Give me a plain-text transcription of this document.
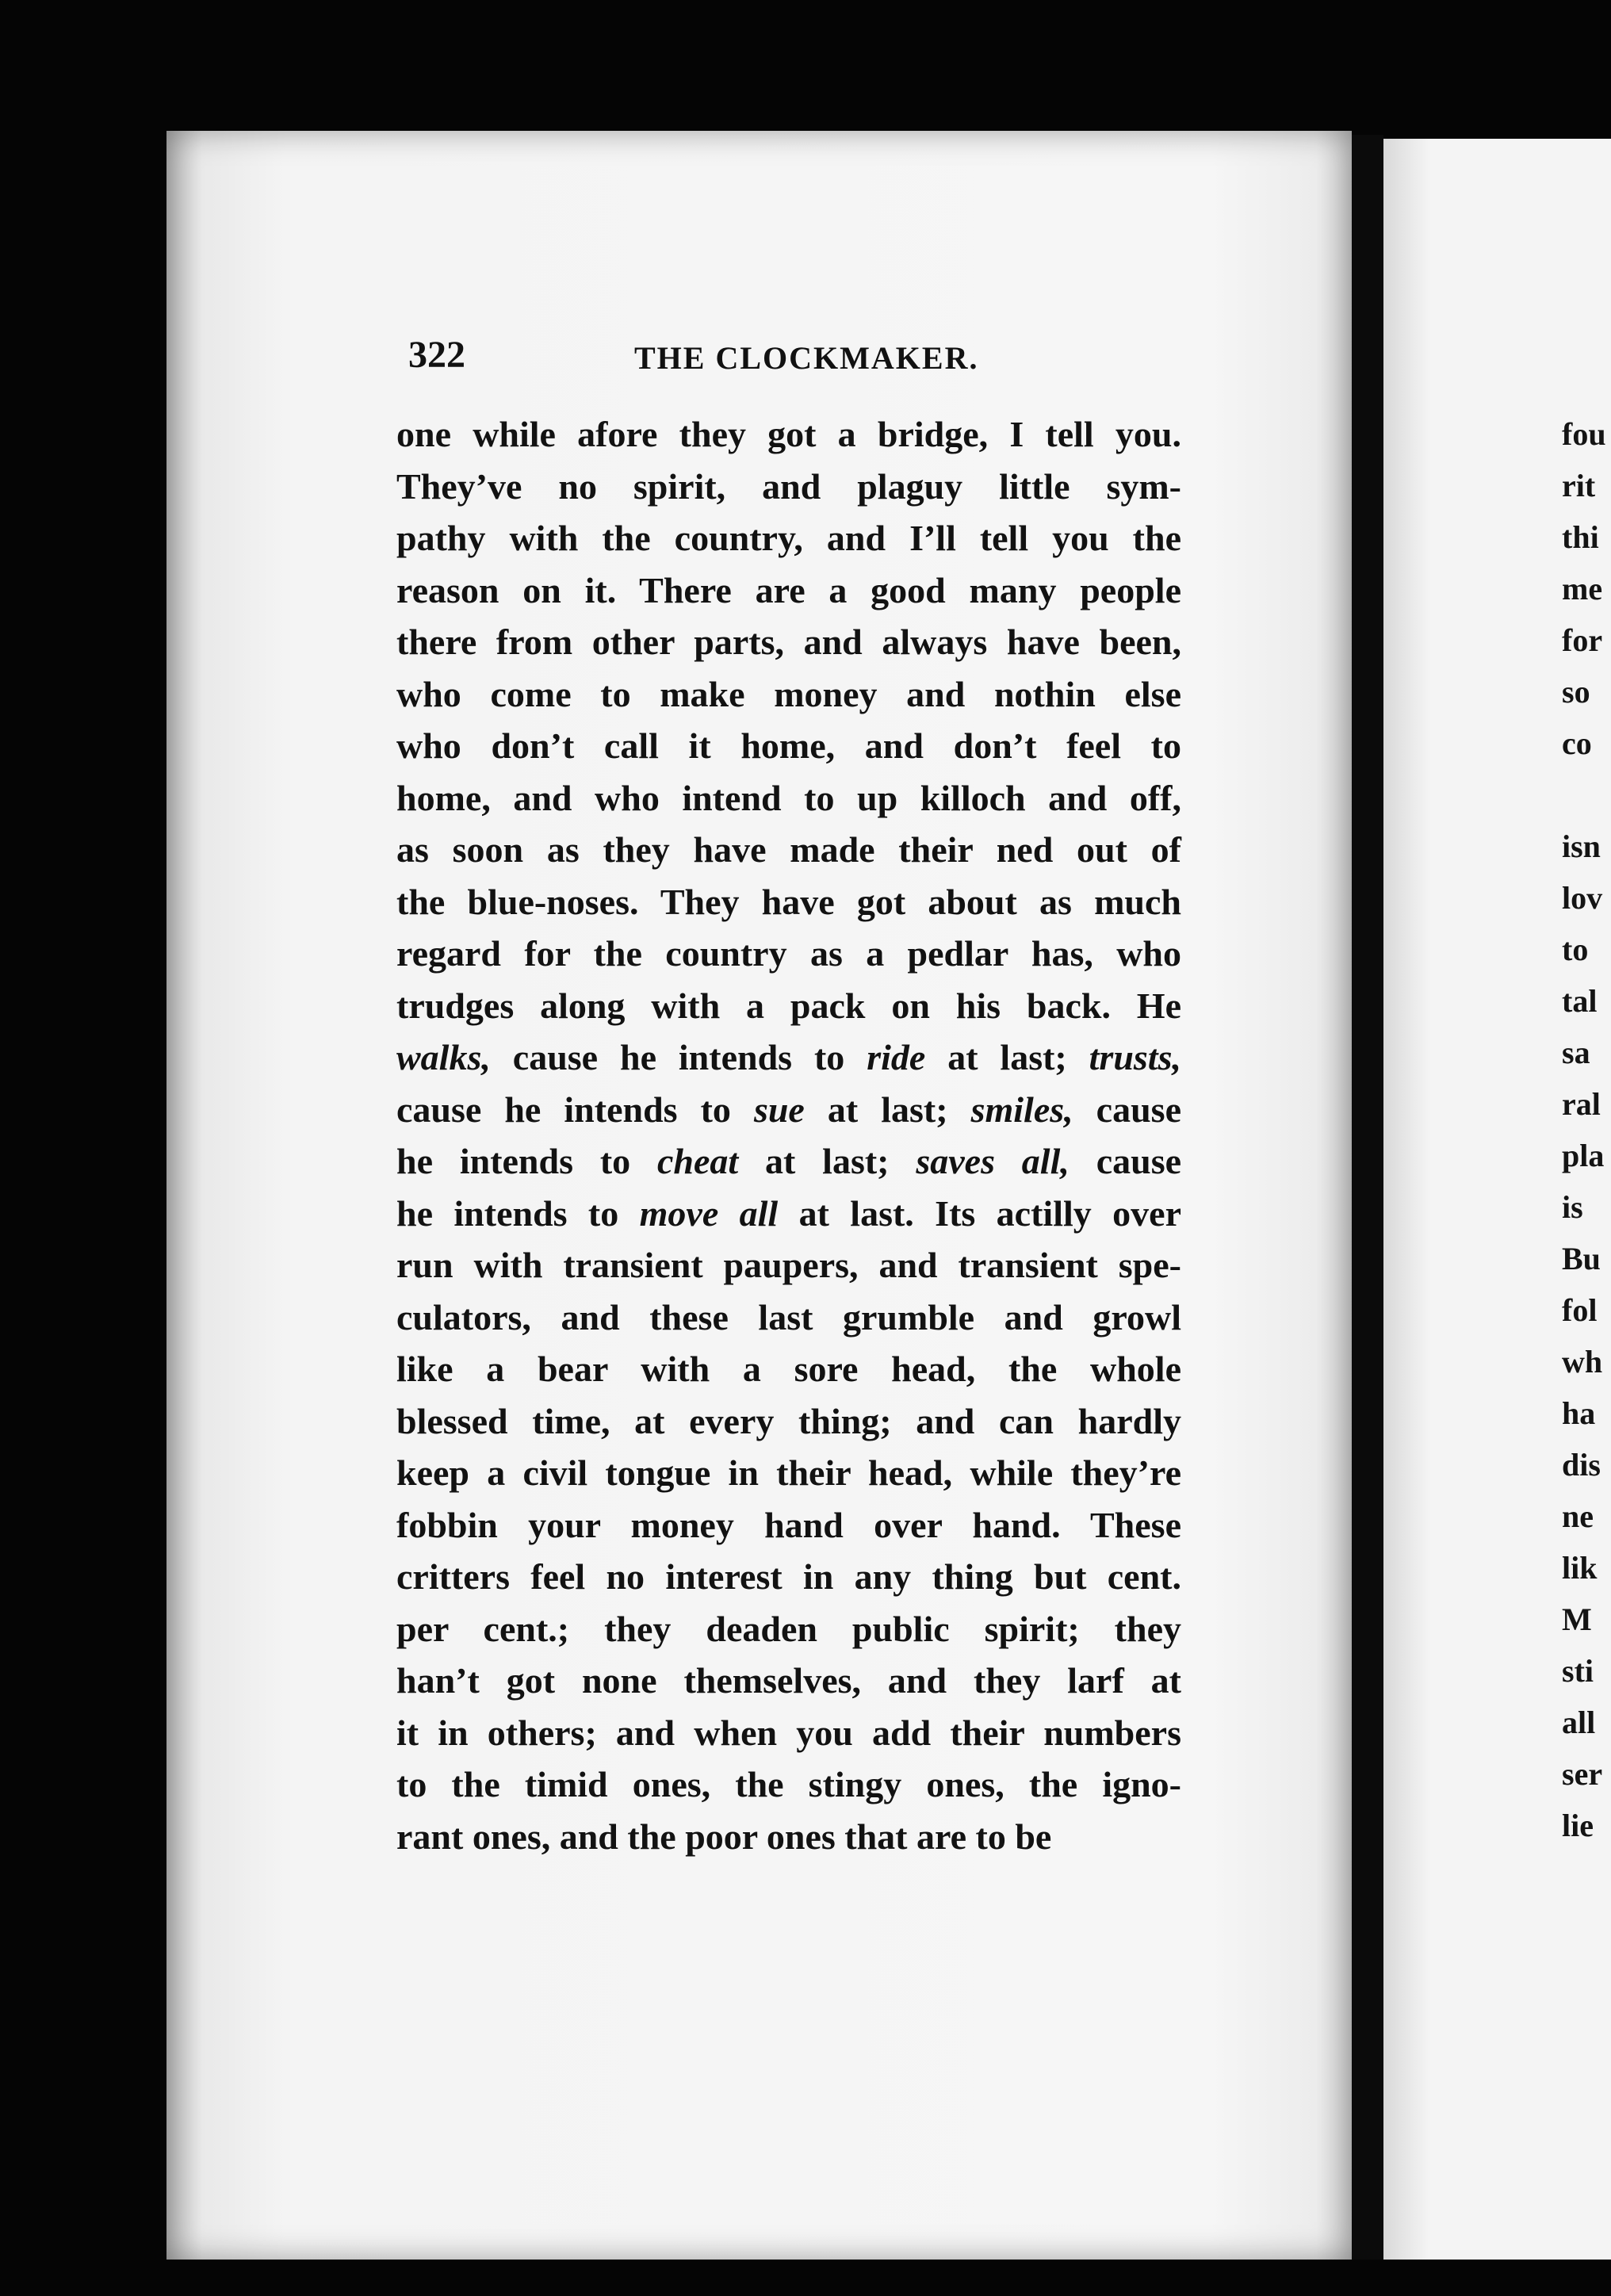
fou
rit
thi
me
for
so
co
isn
lov
to
tal
sa
ral
pla
is
Bu
fol
wh
ha
dis
ne
lik
M
sti
all
ser
lie
322	THE CLOCKMAKER.
one while afore they got a bridge, I tell you.
They’ve no spirit, and plaguy little sym-
pathy with the country, and I’ll tell you the
reason on it. There are a good many people
there from other parts, and always have been,
who come to make money and nothin else
who don’t call it home, and don’t feel to
home, and who intend to up killoch and off,
as soon as they have made their ned out of
the blue-noses. They have got about as much
regard for the country as a pedlar has, who
trudges along with a pack on his back. He
walks, cause he intends to ride at last; trusts,
cause he intends to sue at last; smiles, cause
he intends to cheat at last; saves all, cause
he intends to move all at last. Its actilly over
run with transient paupers, and transient spe-
culators, and these last grumble and growl
like a bear with a sore head, the whole
blessed time, at every thing; and can hardly
keep a civil tongue in their head, while they’re
fobbin your money hand over hand. These
critters feel no interest in any thing but cent.
per cent.; they deaden public spirit; they
han’t got none themselves, and they larf at
it in others; and when you add their numbers
to the timid ones, the stingy ones, the igno-
rant ones, and the poor ones that are to be
